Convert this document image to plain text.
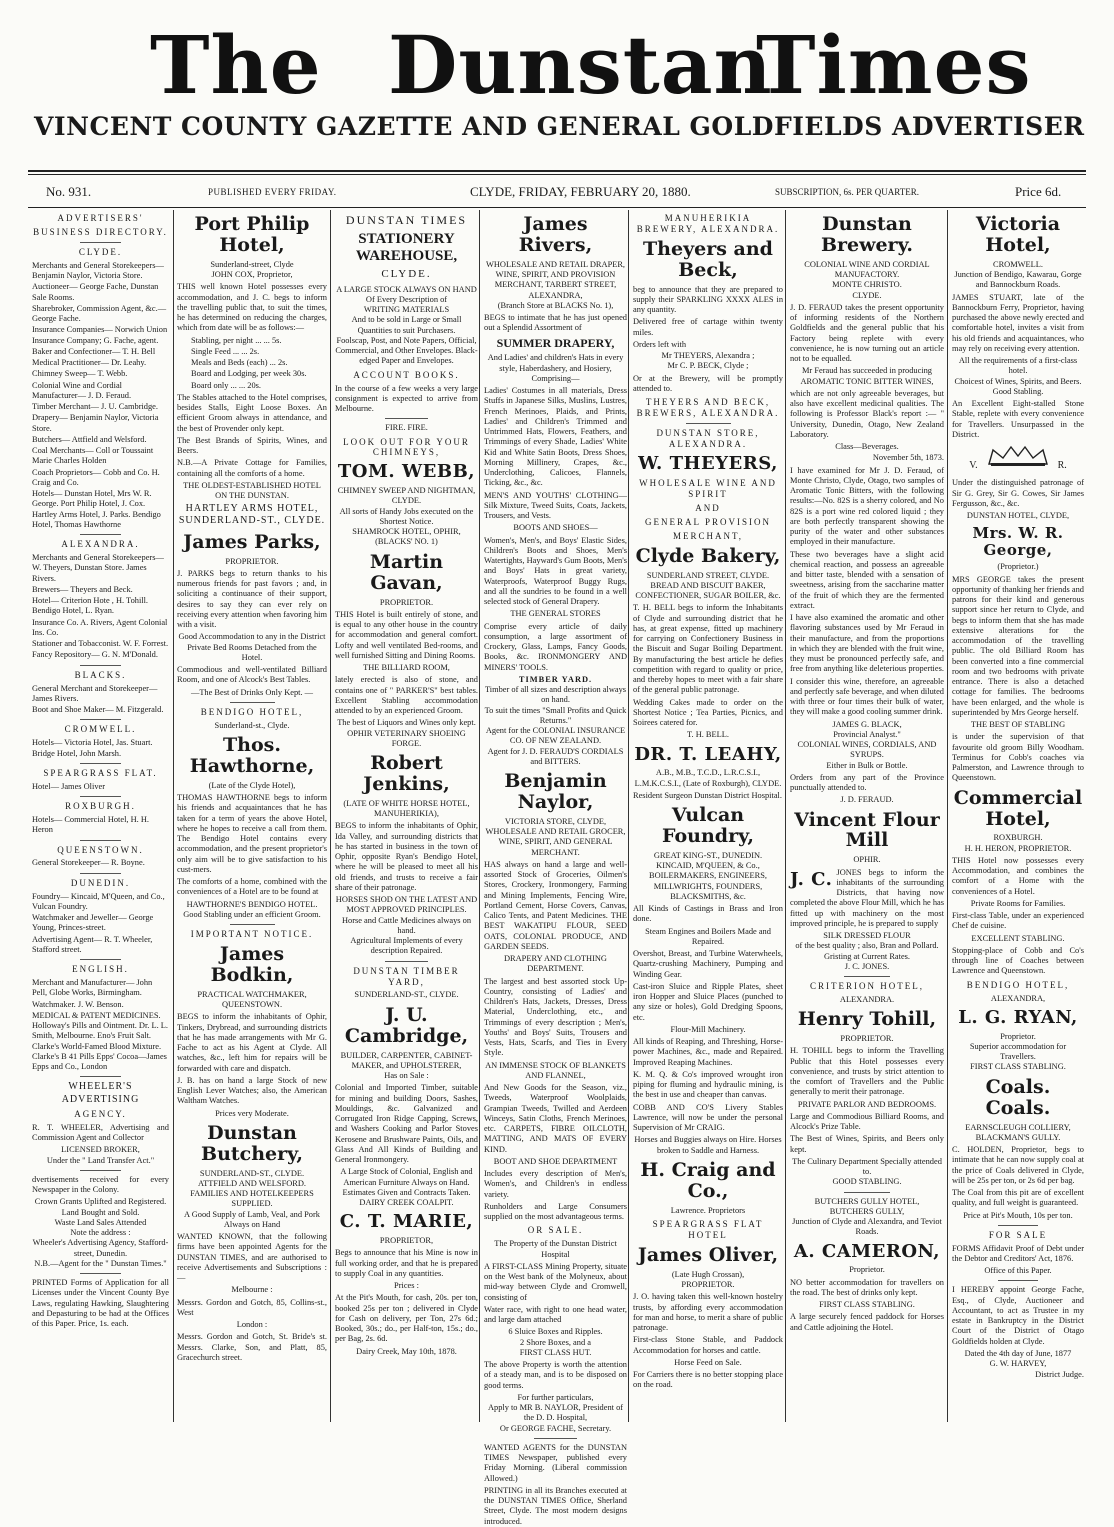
The Dunstan
Times
VINCENT COUNTY GAZETTE AND GENERAL GOLDFIELDS ADVERTISER
No. 931.	PUBLISHED EVERY FRIDAY.	CLYDE, FRIDAY, FEBRUARY 20, 1880.	SUBSCRIPTION, 6s. PER QUARTER.	Price 6d.
ADVERTISERS'
BUSINESS DIRECTORY.
CLYDE.
Merchants and General Storekeepers— Benjamin Naylor, Victoria Store.
Auctioneer— George Fache, Dunstan Sale Rooms.
Sharebroker, Commission Agent, &c.— George Fache.
Insurance Companies— Norwich Union Insurance Company; G. Fache, agent.
Baker and Confectioner— T. H. Bell
Medical Practitioner— Dr. Leahy.
Chimney Sweep— T. Webb.
Colonial Wine and Cordial Manufacturer— J. D. Feraud.
Timber Merchant— J. U. Cambridge.
Drapery— Benjamin Naylor, Victoria Store.
Butchers— Attfield and Welsford.
Coal Merchants— Coll or Toussaint Marie Charles Holden
Coach Proprietors— Cobb and Co. H. Craig and Co.
Hotels— Dunstan Hotel, Mrs W. R. George. Port Philip Hotel, J. Cox. Hartley Arms Hotel, J. Parks. Bendigo Hotel, Thomas Hawthorne
ALEXANDRA.
Merchants and General Storekeepers— W. Theyers, Dunstan Store. James Rivers.
Brewers— Theyers and Beck.
Hotel— Criterion Hote , H. Tohill. Bendigo Hotel, L. Ryan.
Insurance Co. A. Rivers, Agent Colonial Ins. Co.
Stationer and Tobacconist. W. F. Forrest.
Fancy Repository— G. N. M'Donald.
BLACKS.
General Merchant and Storekeeper— James Rivers.
Boot and Shoe Maker— M. Fitzgerald.
CROMWELL.
Hotels— Victoria Hotel, Jas. Stuart. Bridge Hotel, John Marsh.
SPEARGRASS FLAT.
Hotel— James Oliver
ROXBURGH.
Hotels— Commercial Hotel, H. H. Heron
QUEENSTOWN.
General Storekeeper— R. Boyne.
DUNEDIN.
Foundry— Kincaid, M'Queen, and Co., Vulcan Foundry.
Watchmaker and Jeweller— George Young, Princes-street.
Advertising Agent— R. T. Wheeler, Stafford street.
ENGLISH.
Merchant and Manufacturer— John Pell, Globe Works, Birmingham.
Watchmaker. J. W. Benson.
MEDICAL & PATENT MEDICINES. Holloway's Pills and Ointment. Dr. L. L. Smith, Melbourne. Eno's Fruit Salt. Clarke's World-Famed Blood Mixture. Clarke's B 41 Pills Epps' Cocoa—James Epps and Co., London
WHEELER'S ADVERTISING
AGENCY.

R. T. WHEELER, Advertising and Commission Agent and Collector

LICENSED BROKER,
Under the " Land Transfer Act."

dvertisements received for every Newspaper in the Colony.

Crown Grants Uplifted and Registered.
Land Bought and Sold.
Waste Land Sales Attended
Note the address :
Wheeler's Advertising Agency, Stafford-street, Dunedin.
N.B.—Agent for the " Dunstan Times."

PRINTED Forms of Application for all Licenses under the Vincent County Bye Laws, regulating Hawking, Slaughtering and Depasturing to be had at the Offices of this Paper. Price, 1s. each.

Port Philip Hotel,
Sunderland-street, Clyde
JOHN COX, Proprietor,

THIS well known Hotel possesses every accommodation, and J. C. begs to inform the travelling public that, to suit the times, he has determined on reducing the charges, which from date will be as follows:—

Stabling, per night ... ... 5s.
Single Feed ... ... 2s.
Meals and Beds (each) ... 2s.
Board and Lodging, per week 30s.
Board only ... ... 20s.

The Stables attached to the Hotel comprises, besides Stalls, Eight Loose Boxes. An efficient Groom always in attendance, and the best of Provender only kept.

The Best Brands of Spirits, Wines, and Beers.

N.B.—A Private Cottage for Families, containing all the comforts of a home.

THE OLDEST-ESTABLISHED HOTEL ON THE DUNSTAN.
HARTLEY ARMS HOTEL, SUNDERLAND-ST., CLYDE.
James Parks,
PROPRIETOR.

J. PARKS begs to return thanks to his numerous friends for past favors ; and, in soliciting a continuance of their support, desires to say they can ever rely on receiving every attention when favoring him with a visit.

Good Accommodation to any in the District Private Bed Rooms Detached from the Hotel.

Commodious and well-ventilated Billiard Room, and one of Alcock's Best Tables.

—The Best of Drinks Only Kept. —
BENDIGO HOTEL,
Sunderland-st., Clyde.
Thos. Hawthorne,
(Late of the Clyde Hotel),

THOMAS HAWTHORNE begs to inform his friends and acquaintances that he has taken for a term of years the above Hotel, where he hopes to receive a call from them. The Bendigo Hotel contains every accommodation, and the present proprietor's only aim will be to give satisfaction to his cust-mers.

The comforts of a home, combined with the conveniences of a Hotel are to be found at

HAWTHORNE'S BENDIGO HOTEL.
Good Stabling under an efficient Groom.
IMPORTANT NOTICE.
James Bodkin,
PRACTICAL WATCHMAKER, QUEENSTOWN.

BEGS to inform the inhabitants of Ophir, Tinkers, Drybread, and surrounding districts that he has made arrangements with Mr G. Fache to act as his Agent at Clyde. All watches, &c., left him for repairs will be forwarded with care and dispatch.

J. B. has on hand a large Stock of new English Lever Watches; also, the American Waltham Watches.

Prices very Moderate.
Dunstan Butchery,
SUNDERLAND-ST., CLYDE.
ATTFIELD AND WELSFORD.
FAMILIES AND HOTELKEEPERS SUPPLIED.
A Good Supply of Lamb, Veal, and Pork Always on Hand

WANTED KNOWN, that the following firms have been appointed Agents for the DUNSTAN TIMES, and are authorised to receive Advertisements and Subscriptions :—

Melbourne :

Messrs. Gordon and Gotch, 85, Collins-st., West

London :

Messrs. Gordon and Gotch, St. Bride's st. Messrs. Clarke, Son, and Platt, 85, Gracechurch street.

DUNSTAN TIMES
STATIONERY WAREHOUSE,
CLYDE.
A LARGE STOCK ALWAYS ON HAND Of Every Description of
WRITING MATERIALS
And to be sold in Large or Small Quantities to suit Purchasers.
Foolscap, Post, and Note Papers, Official, Commercial, and Other Envelopes. Black-edged Paper and Envelopes.
ACCOUNT BOOKS.

In the course of a few weeks a very large consignment is expected to arrive from Melbourne.

FIRE. FIRE.
LOOK OUT FOR YOUR CHIMNEYS,
TOM. WEBB,
CHIMNEY SWEEP AND NIGHTMAN, CLYDE.
All sorts of Handy Jobs executed on the Shortest Notice.
SHAMROCK HOTEL, OPHIR, (BLACKS' NO. 1)
Martin Gavan,
PROPRIETOR.

THIS Hotel is built entirely of stone, and is equal to any other house in the country for accommodation and general comfort. Lofty and well ventilated Bed-rooms, and well furnished Sitting and Dining Rooms.

THE BILLIARD ROOM,

lately erected is also of stone, and contains one of " PARKER'S" best tables. Excellent Stabling accommodation attended to by an experienced Groom.

The best of Liquors and Wines only kept.
OPHIR VETERINARY SHOEING FORGE.
Robert Jenkins,
(LATE OF WHITE HORSE HOTEL, MANUHERIKIA),

BEGS to inform the inhabitants of Ophir, Ida Valley, and surrounding districts that he has started in business in the town of Ophir, opposite Ryan's Bendigo Hotel, where he will be pleased to meet all his old friends, and trusts to receive a fair share of their patronage.

HORSES SHOD ON THE LATEST AND MOST APPROVED PRINCIPLES.
Horse and Cattle Medicines always on hand.
Agricultural Implements of every description Repaired.
DUNSTAN TIMBER YARD,
SUNDERLAND-ST., CLYDE.
J. U. Cambridge,
BUILDER, CARPENTER, CABINET-MAKER, and UPHOLSTERER,
Has on Sale :

Colonial and Imported Timber, suitable for mining and building Doors, Sashes, Mouldings, &c. Galvanized and Corrugated Iron Ridge Capping, Screws, and Washers Cooking and Parlor Stoves Kerosene and Brushware Paints, Oils, and Glass And All Kinds of Building and General Ironmongery.

A Large Stock of Colonial, English and American Furniture Always on Hand.
Estimates Given and Contracts Taken.
DAIRY CREEK COALPIT.
C. T. MARIE,
PROPRIETOR,

Begs to announce that his Mine is now in full working order, and that he is prepared to supply Coal in any quantities.

Prices :

At the Pit's Mouth, for cash, 20s. per ton, booked 25s per ton ; delivered in Clyde for Cash on delivery, per Ton, 27s 6d.; Booked, 30s.; do., per Half-ton, 15s.; do., per Bag, 2s. 6d.

Dairy Creek, May 10th, 1878.
James Rivers,
WHOLESALE AND RETAIL DRAPER, WINE, SPIRIT, AND PROVISION MERCHANT, TARBERT STREET, ALEXANDRA,
(Branch Store at BLACKS No. 1),

BEGS to intimate that he has just opened out a Splendid Assortment of

SUMMER DRAPERY,
And Ladies' and children's Hats in every style, Haberdashery, and Hosiery, Comprising—

Ladies' Costumes in all materials, Dress Stuffs in Japanese Silks, Muslins, Lustres, French Merinoes, Plaids, and Prints, Ladies' and Children's Trimmed and Untrimmed Hats, Flowers, Feathers, and Trimmings of every Shade, Ladies' White Kid and White Satin Boots, Dress Shoes, Morning Millinery, Crapes, &c., Underclothing, Calicoes, Flannels, Ticking, &c., &c.

MEN'S AND YOUTHS' CLOTHING— Silk Mixture, Tweed Suits, Coats, Jackets, Trousers, and Vests.

BOOTS AND SHOES—

Women's, Men's, and Boys' Elastic Sides, Children's Boots and Shoes, Men's Watertights, Hayward's Gum Boots, Men's and Boys' Hats in great variety, Waterproofs, Waterproof Buggy Rugs, and all the sundries to be found in a well selected stock of General Drapery.

THE GENERAL STORES

Comprise every article of daily consumption, a large assortment of Crockery, Glass, Lamps, Fancy Goods, Books, &c. IRONMONGERY AND MINERS' TOOLS.

TIMBER YARD.
Timber of all sizes and description always on hand.
To suit the times "Small Profits and Quick Returns."
Agent for the COLONIAL INSURANCE CO. OF NEW ZEALAND.
Agent for J. D. FERAUD'S CORDIALS and BITTERS.
Benjamin Naylor,
VICTORIA STORE, CLYDE,
WHOLESALE AND RETAIL GROCER, WINE, SPIRIT, AND GENERAL MERCHANT.

HAS always on hand a large and well-assorted Stock of Groceries, Oilmen's Stores, Crockery, Ironmongery, Farming and Mining Implements, Fencing Wire, Portland Cement, Horse Covers, Canvas, Calico Tents, and Patent Medicines. THE BEST WAKATIPU FLOUR, SEED OATS, COLONIAL PRODUCE, AND GARDEN SEEDS.

DRAPERY AND CLOTHING DEPARTMENT.

The largest and best assorted stock Up-Country, consisting of Ladies' and Children's Hats, Jackets, Dresses, Dress Material, Underclothing, etc., and Trimmings of every description ; Men's, Youths' and Boys' Suits, Trousers and Vests, Hats, Scarfs, and Ties in Every Style.

AN IMMENSE STOCK OF BLANKETS AND FLANNEL,

And New Goods for the Season, viz., Tweeds, Waterproof Woolplaids, Grampian Tweeds, Twilled and Aerdeen Winceys, Satin Cloths, French Merinoes, etc. CARPETS, FIBRE OILCLOTH, MATTING, AND MATS OF EVERY KIND.

BOOT AND SHOE DEPARTMENT

Includes every description of Men's, Women's, and Children's in endless variety.

Runholders and Large Consumers supplied on the most advantageous terms.

OR SALE.
The Property of the Dunstan District Hospital

A FIRST-CLASS Mining Property, situate on the West bank of the Molyneux, about mid-way between Clyde and Cromwell, consisting of

Water race, with right to one head water, and large dam attached

6 Sluice Boxes and Ripples.
2 Shore Boxes, and a
FIRST CLASS HUT.

The above Property is worth the attention of a steady man, and is to be disposed on good terms.

For further particulars,
Apply to MR B. NAYLOR, President of the D. D. Hospital,
Or GEORGE FACHE, Secretary.

WANTED AGENTS for the DUNSTAN TIMES Newspaper, published every Friday Morning. (Liberal commission Allowed.)

PRINTING in all its Branches executed at the DUNSTAN TIMES Office, Sherland Street, Clyde. The most modern designs introduced.

MANUHERIKIA BREWERY, ALEXANDRA.
Theyers and Beck,

beg to announce that they are prepared to supply their SPARKLING XXXX ALES in any quantity.

Delivered free of cartage within twenty miles.

Orders left with
Mr THEYERS, Alexandra ;
Mr C. P. BECK, Clyde ;

Or at the Brewery, will be promptly attended to.

THEYERS AND BECK, BREWERS, ALEXANDRA.
DUNSTAN STORE, ALEXANDRA.
W. THEYERS,
WHOLESALE WINE AND SPIRIT
AND
GENERAL PROVISION
MERCHANT,
Clyde Bakery,
SUNDERLAND STREET, CLYDE.
BREAD AND BISCUIT BAKER, CONFECTIONER, SUGAR BOILER, &c.

T. H. BELL begs to inform the Inhabitants of Clyde and surrounding district that he has, at great expense, fitted up machinery for carrying on Confectionery Business in the Biscuit and Sugar Boiling Department. By manufacturing the best article he defies competition with regard to quality or price, and thereby hopes to meet with a fair share of the general public patronage.

Wedding Cakes made to order on the Shortest Notice ; Tea Parties, Picnics, and Soirees catered for.

T. H. BELL.
DR. T. LEAHY,
A.B., M.B., T.C.D., L.R.C.S.I., L.M.K.C.S.I., (Late of Roxburgh), CLYDE.

Resident Surgeon Dunstan District Hospital.

Vulcan Foundry,
GREAT KING-ST., DUNEDIN.
KINCAID, M'QUEEN, & Co., BOILERMAKERS, ENGINEERS, MILLWRIGHTS, FOUNDERS, BLACKSMITHS, &c.

All Kinds of Castings in Brass and Iron done.

Steam Engines and Boilers Made and Repaired.

Overshot, Breast, and Turbine Waterwheels, Quartz-crushing Machinery, Pumping and Winding Gear.

Cast-iron Sluice and Ripple Plates, sheet iron Hopper and Sluice Places (punched to any size or holes), Gold Dredging Spoons, etc.

Flour-Mill Machinery.

All kinds of Reaping, and Threshing, Horse-power Machines, &c., made and Repaired. Improved Reaping Machines.

K. M. Q. & Co's improved wrought iron piping for fluming and hydraulic mining, is the best in use and cheaper than canvas.

COBB AND CO'S Livery Stables Lawrence, will now be under the personal Supervision of Mr CRAIG.

Horses and Buggies always on Hire. Horses broken to Saddle and Harness.
H. Craig and Co.,
Lawrence. Proprietors
SPEARGRASS FLAT HOTEL
James Oliver,
(Late Hugh Crossan),
PROPRIETOR.

J. O. having taken this well-known hostelry trusts, by affording every accommodation for man and horse, to merit a share of public patronage.

First-class Stone Stable, and Paddock Accommodation for horses and cattle.

Horse Feed on Sale.

For Carriers there is no better stopping place on the road.

Dunstan Brewery.
COLONIAL WINE AND CORDIAL MANUFACTORY.
MONTE CHRISTO.
CLYDE.

J. D. FERAUD takes the present opportunity of informing residents of the Northern Goldfields and the general public that his Factory being replete with every convenience, he is now turning out an article not to be equalled.

Mr Feraud has succeeded in producing
AROMATIC TONIC BITTER WINES,

which are not only agreeable beverages, but also have excellent medicinal qualities. The following is Professor Black's report :— " University, Dunedin, Otago, New Zealand Laboratory.

Class—Beverages.
November 5th, 1873.

I have examined for Mr J. D. Feraud, of Monte Christo, Clyde, Otago, two samples of Aromatic Tonic Bitters, with the following results:—No. 82S is a sherry colored, and No 82S is a port wine red colored liquid ; they are both perfectly transparent showing the purity of the water and other substances employed in their manufacture.

These two beverages have a slight acid chemical reaction, and possess an agreeable and bitter taste, blended with a sensation of sweetness, arising from the saccharine matter of the fruit of which they are the fermented extract.

I have also examined the aromatic and other flavoring substances used by Mr Feraud in their manufacture, and from the proportions in which they are blended with the fruit wine, they must be pronounced perfectly safe, and free from anything like deleterious properties.

I consider this wine, therefore, an agreeable and perfectly safe beverage, and when diluted with three or four times their bulk of water, they will make a good cooling summer drink.

JAMES G. BLACK,
Provincial Analyst."
COLONIAL WINES, CORDIALS, AND SYRUPS.
Either in Bulk or Bottle.

Orders from any part of the Province punctually attended to.

J. D. FERAUD.
Vincent Flour Mill
OPHIR.
J. C. JONES begs to inform the inhabitants of the surrounding Districts, that having now completed the above Flour Mill, which he has fitted up with machinery on the most improved principle, he is prepared to supply

SILK DRESSED FLOUR
of the best quality ; also, Bran and Pollard.
Gristing at Current Rates.
J. C. JONES.
CRITERION HOTEL,
ALEXANDRA.
Henry Tohill,
PROPRIETOR.

H. TOHILL begs to inform the Travelling Public that this Hotel possesses every convenience, and trusts by strict attention to the comfort of Travellers and the Public generally to merit their patronage.

PRIVATE PARLOR AND BEDROOMS.

Large and Commodious Billiard Rooms, and Alcock's Prize Table.

The Best of Wines, Spirits, and Beers only kept.

The Culinary Department Specially attended to.
GOOD STABLING.
BUTCHERS GULLY HOTEL,
BUTCHERS GULLY,
Junction of Clyde and Alexandra, and Teviot Roads.
A. CAMERON,
Proprietor.

NO better accommodation for travellers on the road. The best of drinks only kept.

FIRST CLASS STABLING.

A large securely fenced paddock for Horses and Cattle adjoining the Hotel.

Victoria Hotel,
CROMWELL.
Junction of Bendigo, Kawarau, Gorge and Bannockburn Roads.

JAMES STUART, late of the Bannockburn Ferry, Proprietor, having purchased the above newly erected and comfortable hotel, invites a visit from his old friends and acquaintances, who may rely on receiving every attention.

All the requirements of a first-class hotel.
Choicest of Wines, Spirits, and Beers. Good Stabling.

An Excellent Eight-stalled Stone Stable, replete with every convenience for Travellers. Unsurpassed in the District.

V.	R.

Under the distinguished patronage of Sir G. Grey, Sir G. Cowes, Sir James Fergusson, &c., &c.

DUNSTAN HOTEL, CLYDE,
Mrs. W. R. George,
(Proprietor.)

MRS GEORGE takes the present opportunity of thanking her friends and patrons for their kind and generous support since her return to Clyde, and begs to inform them that she has made extensive alterations for the accommodation of the travelling public. The old Billiard Room has been converted into a fine commercial room and two bedrooms with private entrance. There is also a detached cottage for families. The bedrooms have been enlarged, and the whole is superintended by Mrs George herself.

THE BEST OF STABLING

is under the supervision of that favourite old groom Billy Woodham. Terminus for Cobb's coaches via Palmerston, and Lawrence through to Queenstown.

Commercial Hotel,
ROXBURGH.
H. H. HERON, PROPRIETOR.

THIS Hotel now possesses every Accommodation, and combines the comfort of a Home with the conveniences of a Hotel.

Private Rooms for Families.

First-class Table, under an experienced Chef de cuisine.

EXCELLENT STABLING.

Stopping-place of Cobb and Co's through line of Coaches between Lawrence and Queenstown.

BENDIGO HOTEL,
ALEXANDRA,
L. G. RYAN,
Proprietor.
Superior accommodation for Travellers.
FIRST CLASS STABLING.
Coals. Coals.
EARNSCLEUGH COLLIERY,
BLACKMAN'S GULLY.

C. HOLDEN, Proprietor, begs to intimate that he can now supply coal at the price of Coals delivered in Clyde, will be 25s per ton, or 2s 6d per bag.

The Coal from this pit are of excellent quality, and full weight is guaranteed.

Price at Pit's Mouth, 10s per ton.
FOR SALE

FORMS Affidavit Proof of Debt under the Debtor and Creditors' Act, 1876.

Office of this Paper.

I HEREBY appoint George Fache, Esq., of Clyde, Auctioneer and Accountant, to act as Trustee in my estate in Bankruptcy in the District Court of the District of Otago Goldfields holden at Clyde.

Dated the 4th day of June, 1877
G. W. HARVEY,
District Judge.
